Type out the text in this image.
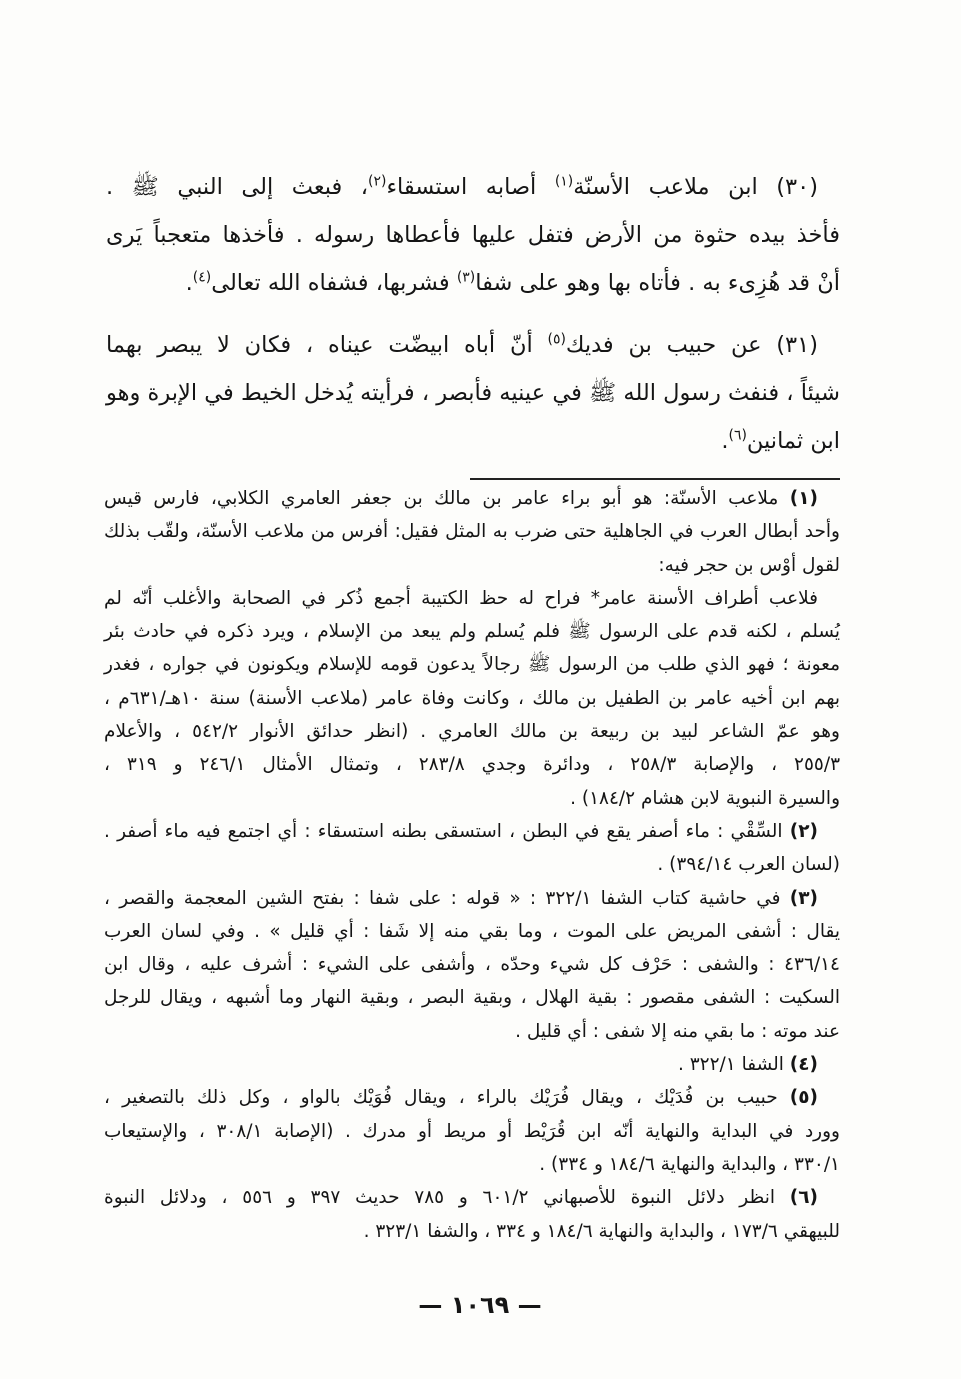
(٣٠) ابن ملاعب الأسنّة$^{(١)}$ أصابه استسقاء$^{(٢)}$، فبعث إلى النبي ﷺ .
فأخذ بيده حثوة من الأرض فتفل عليها فأعطاها رسوله . فأخذها متعجباً يَرى
أنْ قد هُزِىء به . فأتاه بها وهو على شفا$^{(٣)}$ فشربها، فشفاه الله تعالى$^{(٤)}$.
(٣١) عن حبيب بن فديك$^{(٥)}$ أنّ أباه ابيضّت عيناه ، فكان لا يبصر بهما
شيئاً ، فنفث رسول الله ﷺ في عينيه فأبصر ، فرأيته يُدخل الخيط في الإبرة وهو
ابن ثمانين$^{(٦)}$.
(١) ملاعب الأسنّة: هو أبو براء عامر بن مالك بن جعفر العامري الكلابي، فارس قيس
وأحد أبطال العرب في الجاهلية حتى ضرب به المثل فقيل: أفرس من ملاعب الأسنّة، ولقّب بذلك
لقول أوْس بن حجر فيه:
فلاعب أطراف الأسنة عامر* فراح له حظ الكتيبة أجمع ذُكر في الصحابة والأغلب أنّه لم
يُسلم ، لكنه قدم على الرسول ﷺ فلم يُسلم ولم يبعد من الإسلام ، ويرد ذكره في حادث بئر
معونة ؛ فهو الذي طلب من الرسول ﷺ رجالاً يدعون قومه للإسلام ويكونون في جواره ، فغدر
بهم ابن أخيه عامر بن الطفيل بن مالك ، وكانت وفاة عامر (ملاعب الأسنة) سنة ١٠هـ/٦٣١م ،
وهو عمّ الشاعر لبيد بن ربيعة بن مالك العامري . (انظر حدائق الأنوار ٥٤٢/٢ ، والأعلام
٢٥٥/٣ ، والإصابة ٢٥٨/٣ ، ودائرة وجدي ٢٨٣/٨ ، وتمثال الأمثال ٢٤٦/١ و ٣١٩ ،
والسيرة النبوية لابن هشام ١٨٤/٢) .
(٢) السِّقْي : ماء أصفر يقع في البطن ، استسقى بطنه استسقاء : أي اجتمع فيه ماء أصفر .
(لسان العرب ٣٩٤/١٤) .
(٣) في حاشية كتاب الشفا ٣٢٢/١ : « قوله : على شفا : بفتح الشين المعجمة والقصر ،
يقال : أشفى المريض على الموت ، وما بقي منه إلا شَفا : أي قليل » . وفي لسان العرب
٤٣٦/١٤ : والشفى : حَرْف كل شيء وحدّه ، وأشفى على الشيء : أشرف عليه ، وقال ابن
السكيت : الشفى مقصور : بقية الهلال ، وبقية البصر ، وبقية النهار وما أشبهه ، ويقال للرجل
عند موته : ما بقي منه إلا شفى : أي قليل .
(٤) الشفا ٣٢٢/١ .
(٥) حبيب بن فُدَيْك ، ويقال فُرَيْك بالراء ، ويقال فُوَيْك بالواو ، وكل ذلك بالتصغير ،
وورد في البداية والنهاية أنّه ابن قُرَيْط أو مريط أو مدرك . (الإصابة ٣٠٨/١ ، والإستيعاب
٣٣٠/١ ، والبداية والنهاية ١٨٤/٦ و ٣٣٤) .
(٦) انظر دلائل النبوة للأصبهاني ٦٠١/٢ و ٧٨٥ حديث ٣٩٧ و ٥٥٦ ، ودلائل النبوة
للبيهقي ١٧٣/٦ ، والبداية والنهاية ١٨٤/٦ و ٣٣٤ ، والشفا ٣٢٣/١ .
— ١٠٦٩ —
